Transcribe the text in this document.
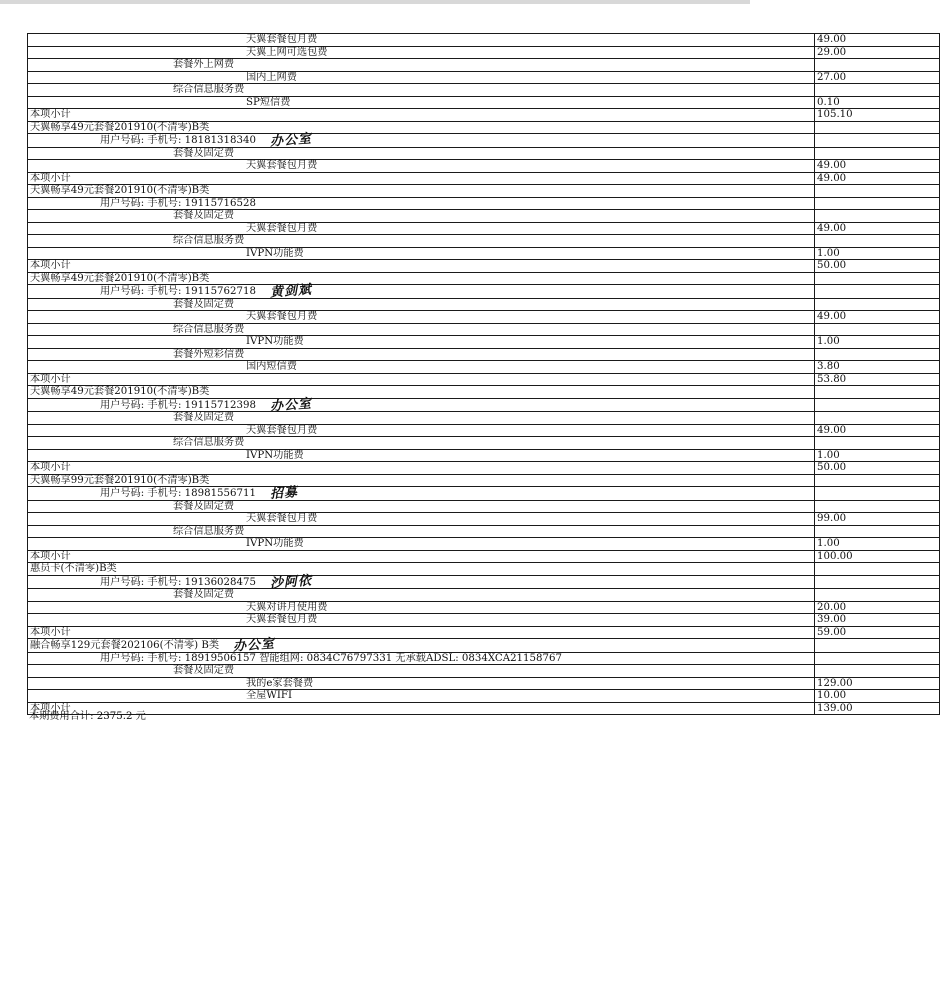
天翼套餐包月费	49.00
天翼上网可选包费	29.00
套餐外上网费	
国内上网费	27.00
综合信息服务费	
SP短信费	0.10
本项小计	105.10
天翼畅享49元套餐201910(不清零)B类	
用户号码: 手机号: 18181318340 办公室	
套餐及固定费	
天翼套餐包月费	49.00
本项小计	49.00
天翼畅享49元套餐201910(不清零)B类	
用户号码: 手机号: 19115716528	
套餐及固定费	
天翼套餐包月费	49.00
综合信息服务费	
IVPN功能费	1.00
本项小计	50.00
天翼畅享49元套餐201910(不清零)B类	
用户号码: 手机号: 19115762718 黄剑斌	
套餐及固定费	
天翼套餐包月费	49.00
综合信息服务费	
IVPN功能费	1.00
套餐外短彩信费	
国内短信费	3.80
本项小计	53.80
天翼畅享49元套餐201910(不清零)B类	
用户号码: 手机号: 19115712398 办公室	
套餐及固定费	
天翼套餐包月费	49.00
综合信息服务费	
IVPN功能费	1.00
本项小计	50.00
天翼畅享99元套餐201910(不清零)B类	
用户号码: 手机号: 18981556711 招募	
套餐及固定费	
天翼套餐包月费	99.00
综合信息服务费	
IVPN功能费	1.00
本项小计	100.00
惠员卡(不清零)B类	
用户号码: 手机号: 19136028475 沙阿依	
套餐及固定费	
天翼对讲月使用费	20.00
天翼套餐包月费	39.00
本项小计	59.00
融合畅享129元套餐202106(不清零) B类 办公室	
用户号码: 手机号: 18919506157 智能组网: 0834C76797331 无承载ADSL: 0834XCA21158767	
套餐及固定费	
我的e家套餐费	129.00
全屋WIFI	10.00
本项小计	139.00
本期费用合计: 2375.2 元
